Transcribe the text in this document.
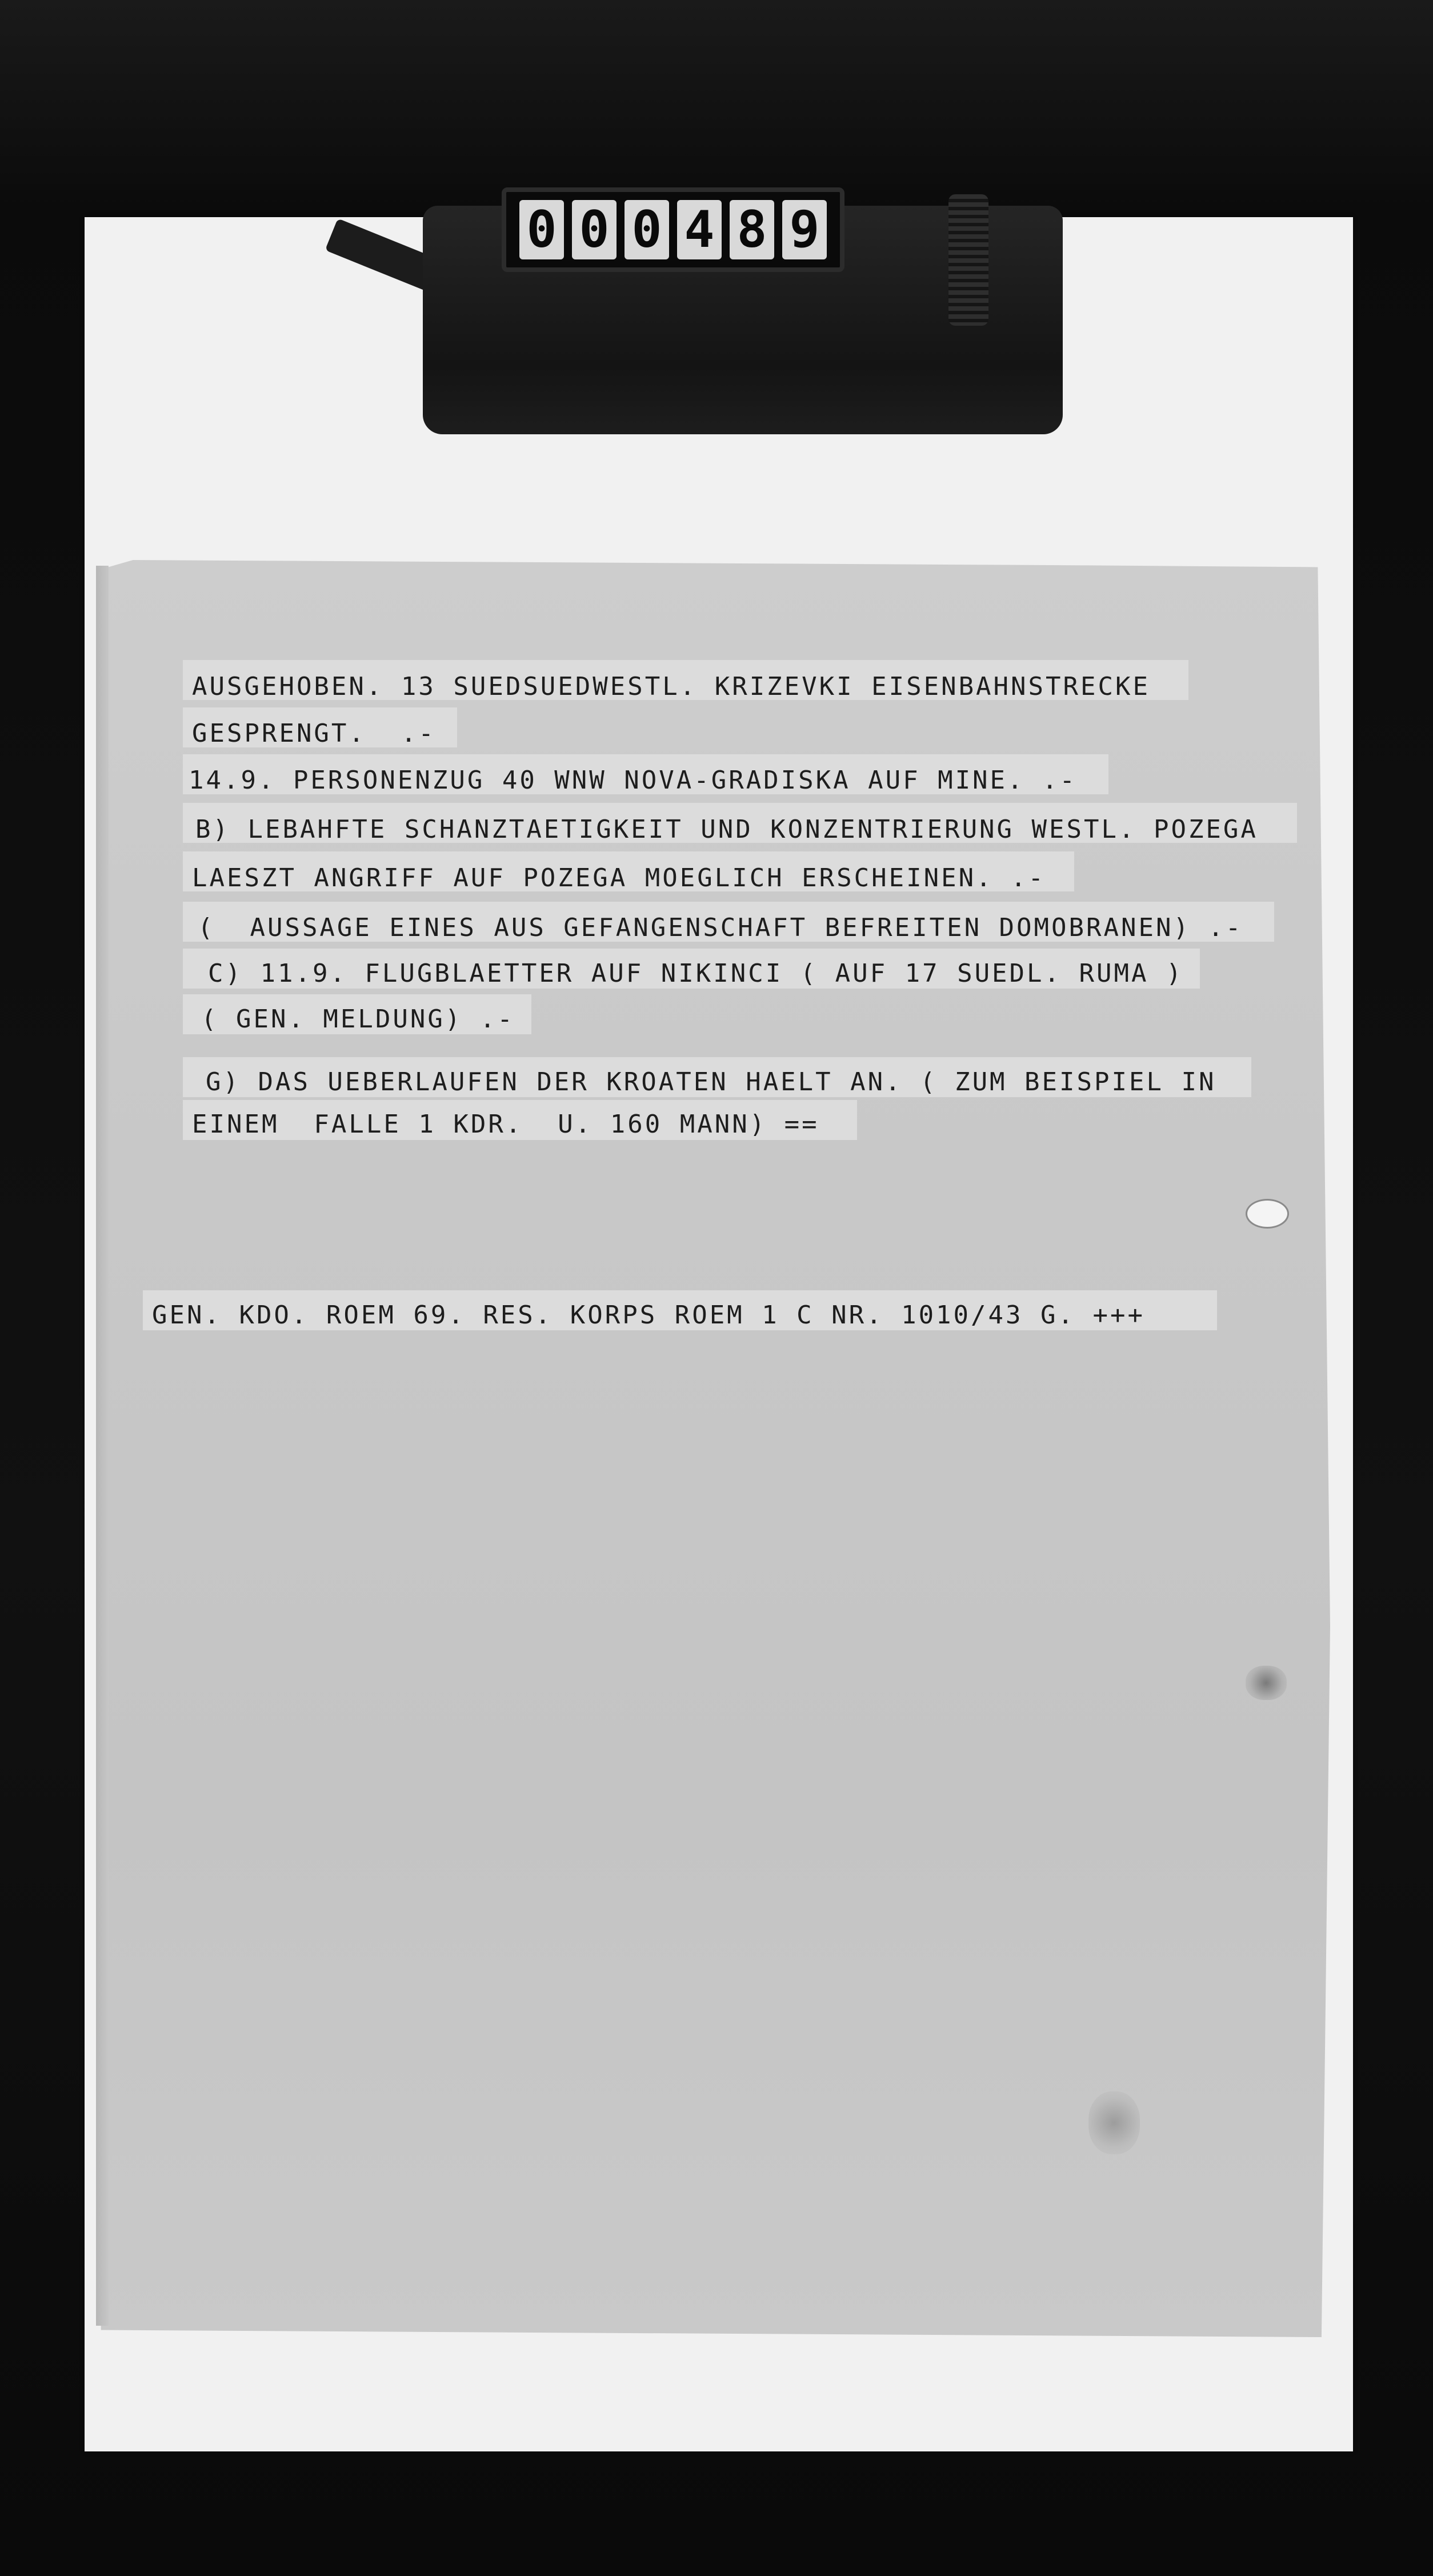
0 0 0 4 8 9
AUSGEHOBEN. 13 SUEDSUEDWESTL. KRIZEVKI EISENBAHNSTRECKE
GESPRENGT.  .-
14.9. PERSONENZUG 40 WNW NOVA-GRADISKA AUF MINE. .-
B) LEBAHFTE SCHANZTAETIGKEIT UND KONZENTRIERUNG WESTL. POZEGA
LAESZT ANGRIFF AUF POZEGA MOEGLICH ERSCHEINEN. .-
(  AUSSAGE EINES AUS GEFANGENSCHAFT BEFREITEN DOMOBRANEN) .-
C) 11.9. FLUGBLAETTER AUF NIKINCI ( AUF 17 SUEDL. RUMA )
( GEN. MELDUNG) .-
G) DAS UEBERLAUFEN DER KROATEN HAELT AN. ( ZUM BEISPIEL IN
EINEM  FALLE 1 KDR.  U. 160 MANN) ==
GEN. KDO. ROEM 69. RES. KORPS ROEM 1 C NR. 1010/43 G. +++
